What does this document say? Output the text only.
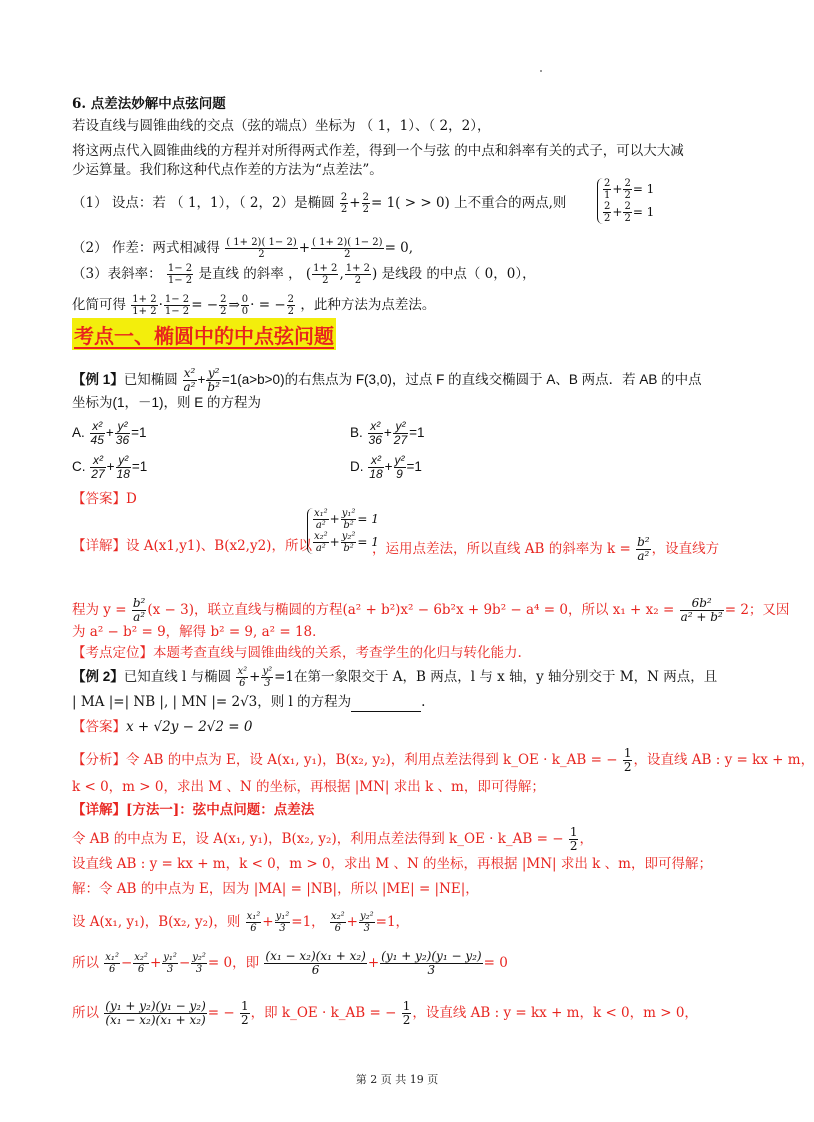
6. 点差法妙解中点弦问题
若设直线与圆锥曲线的交点（弦的端点）坐标为 （ 1，1）、（ 2，2），
将这两点代入圆锥曲线的方程并对所得两式作差，得到一个与弦 的中点和斜率有关的式子，可以大大减
少运算量。我们称这种代点作差的方法为“点差法”。
（1） 设点：若 （ 1，1），（ 2，2）是椭圆 $\frac{2}{2} + \frac{2}{2} = 1$( > > 0) 上不重合的两点,则
$\frac{2}{1} + \frac{2}{2} = 1$
$\frac{2}{2} + \frac{2}{2} = 1$
（2） 作差：两式相减得 $\frac{( 1+ 2)( 1- 2)}{2} + \frac{( 1+ 2)( 1- 2)}{2} = 0$,
（3）表斜率： $\frac{1- 2}{1- 2}$ 是直线 的斜率 ， ( $\frac{1+ 2}{2}$ , $\frac{1+ 2}{2}$ ) 是线段 的中点（ 0，0），
化简可得 $\frac{1+ 2}{1+ 2} \cdot \frac{1- 2}{1- 2}$ = − $\frac{2}{2}$ ⇒ $\frac{0}{0}$ · = − $\frac{2}{2}$ ，此种方法为点差法。
考点一、椭圆中的中点弦问题
【例 1】已知椭圆 $\frac{\text{x²}}{\text{a²}} + \frac{\text{y²}}{\text{b²}} =1(a>b>0)$的右焦点为 F(3,0)，过点 F 的直线交椭圆于 A、B 两点．若 AB 的中点
坐标为(1，－1)，则 E 的方程为
A. $\frac{\text{x²}}{45} + \frac{\text{y²}}{36} =1$	B. $\frac{\text{x²}}{36} + \frac{\text{y²}}{27} =1$
C. $\frac{\text{x²}}{27} + \frac{\text{y²}}{18} =1$	D. $\frac{\text{x²}}{18} + \frac{\text{y²}}{9} =1$
【答案】D
【详解】设 A(x1,y1)、B(x2,y2)，所以
$\frac{\text{x₁²}}{\text{a²}} + \frac{\text{y₁²}}{\text{b²}} = 1$
$\frac{\text{x₂²}}{\text{a²}} + \frac{\text{y₂²}}{\text{b²}} = 1$
，运用点差法，所以直线 AB 的斜率为 $k = \frac{\text{b²}}{\text{a²}}$ ，设直线方
程为 $y = \frac{\text{b²}}{\text{a²}} (x - 3)$，联立直线与椭圆的方程(a² + b²)x² − 6b²x + 9b² − a⁴ = 0，所以 $x_1 + x_2 = \frac{\text{6b²}}{\text{a² + b²}} = 2$；又因
为 a² − b² = 9，解得 b² = 9, a² = 18．
【考点定位】本题考查直线与圆锥曲线的关系，考查学生的化归与转化能力.
【例 2】已知直线 l 与椭圆 $\frac{\text{x²}}{6} + \frac{\text{y²}}{3} =1$在第一象限交于 A，B 两点，l 与 x 轴，y 轴分别交于 M，N 两点，且
| MA |=| NB |, | MN |= 2√3，则 l 的方程为	.
【答案】x + √2y − 2√2 = 0
【分析】令 AB 的中点为 E，设 A(x₁, y₁)，B(x₂, y₂)，利用点差法得到 k_OE · k_AB = − $\frac{1}{2}$ ，设直线 AB : y = kx + m，
k < 0，m > 0，求出 M 、N 的坐标，再根据 |MN| 求出 k 、m，即可得解；
【详解】[方法一]：弦中点问题：点差法
令 AB 的中点为 E，设 A(x₁, y₁)，B(x₂, y₂)，利用点差法得到 k_OE · k_AB = − $\frac{1}{2}$ ，
设直线 AB : y = kx + m，k < 0，m > 0，求出 M 、N 的坐标，再根据 |MN| 求出 k 、m，即可得解；
解：令 AB 的中点为 E，因为 |MA| = |NB|，所以 |ME| = |NE|，
设 A(x₁, y₁)，B(x₂, y₂)，则 $\frac{\text{x₁²}}{6} + \frac{\text{y₁²}}{3} =1$， $\frac{\text{x₂²}}{6} + \frac{\text{y₂²}}{3} =1$，
所以 $\frac{\text{x₁²}}{6} - \frac{\text{x₂²}}{6} + \frac{\text{y₁²}}{3} - \frac{\text{y₂²}}{3} = 0$，即 $\frac{\text{(x₁ − x₂)(x₁ + x₂)}}{6} + \frac{\text{(y₁ + y₂)(y₁ − y₂)}}{3} = 0$
所以 $\frac{\text{(y₁ + y₂)(y₁ − y₂)}}{\text{(x₁ − x₂)(x₁ + x₂)}}$ = − $\frac{1}{2}$ ，即 k_OE · k_AB = − $\frac{1}{2}$ ，设直线 AB : y = kx + m，k < 0，m > 0，
第 2 页 共 19 页
